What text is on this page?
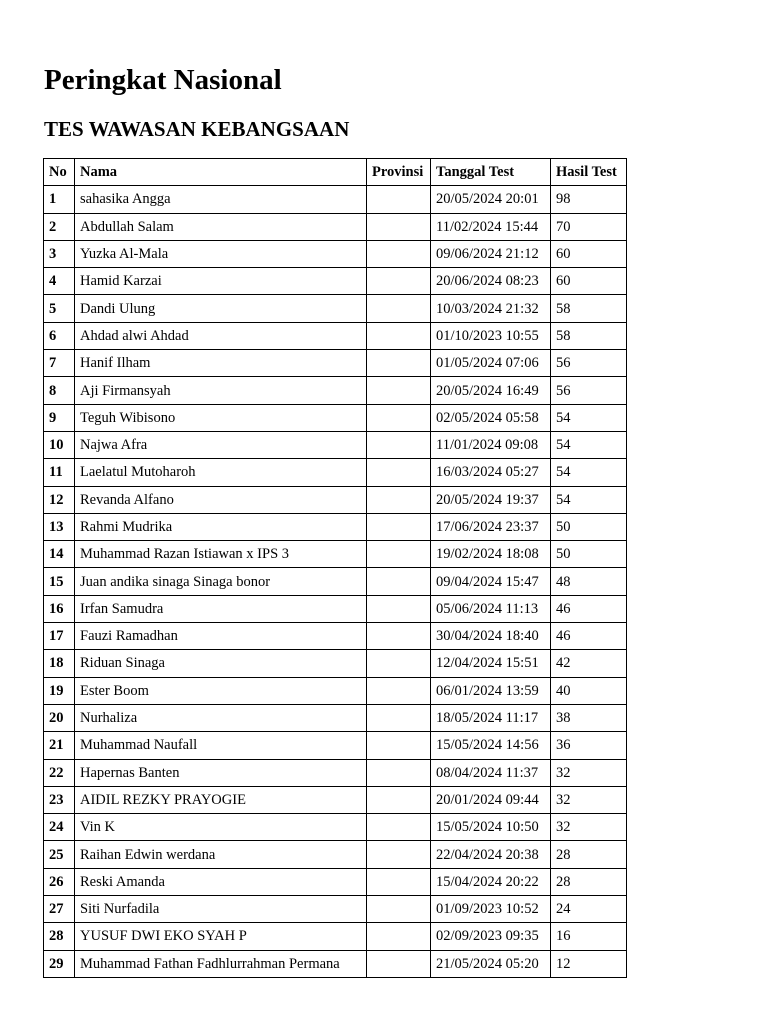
Peringkat Nasional
TES WAWASAN KEBANGSAAN
No	Nama	Provinsi	Tanggal Test	Hasil Test
1	sahasika Angga		20/05/2024 20:01	98
2	Abdullah Salam		11/02/2024 15:44	70
3	Yuzka Al-Mala		09/06/2024 21:12	60
4	Hamid Karzai		20/06/2024 08:23	60
5	Dandi Ulung		10/03/2024 21:32	58
6	Ahdad alwi Ahdad		01/10/2023 10:55	58
7	Hanif Ilham		01/05/2024 07:06	56
8	Aji Firmansyah		20/05/2024 16:49	56
9	Teguh Wibisono		02/05/2024 05:58	54
10	Najwa Afra		11/01/2024 09:08	54
11	Laelatul Mutoharoh		16/03/2024 05:27	54
12	Revanda Alfano		20/05/2024 19:37	54
13	Rahmi Mudrika		17/06/2024 23:37	50
14	Muhammad Razan Istiawan x IPS 3		19/02/2024 18:08	50
15	Juan andika sinaga Sinaga bonor		09/04/2024 15:47	48
16	Irfan Samudra		05/06/2024 11:13	46
17	Fauzi Ramadhan		30/04/2024 18:40	46
18	Riduan Sinaga		12/04/2024 15:51	42
19	Ester Boom		06/01/2024 13:59	40
20	Nurhaliza		18/05/2024 11:17	38
21	Muhammad Naufall		15/05/2024 14:56	36
22	Hapernas Banten		08/04/2024 11:37	32
23	AIDIL REZKY PRAYOGIE		20/01/2024 09:44	32
24	Vin K		15/05/2024 10:50	32
25	Raihan Edwin werdana		22/04/2024 20:38	28
26	Reski Amanda		15/04/2024 20:22	28
27	Siti Nurfadila		01/09/2023 10:52	24
28	YUSUF DWI EKO SYAH P		02/09/2023 09:35	16
29	Muhammad Fathan Fadhlurrahman Permana		21/05/2024 05:20	12
